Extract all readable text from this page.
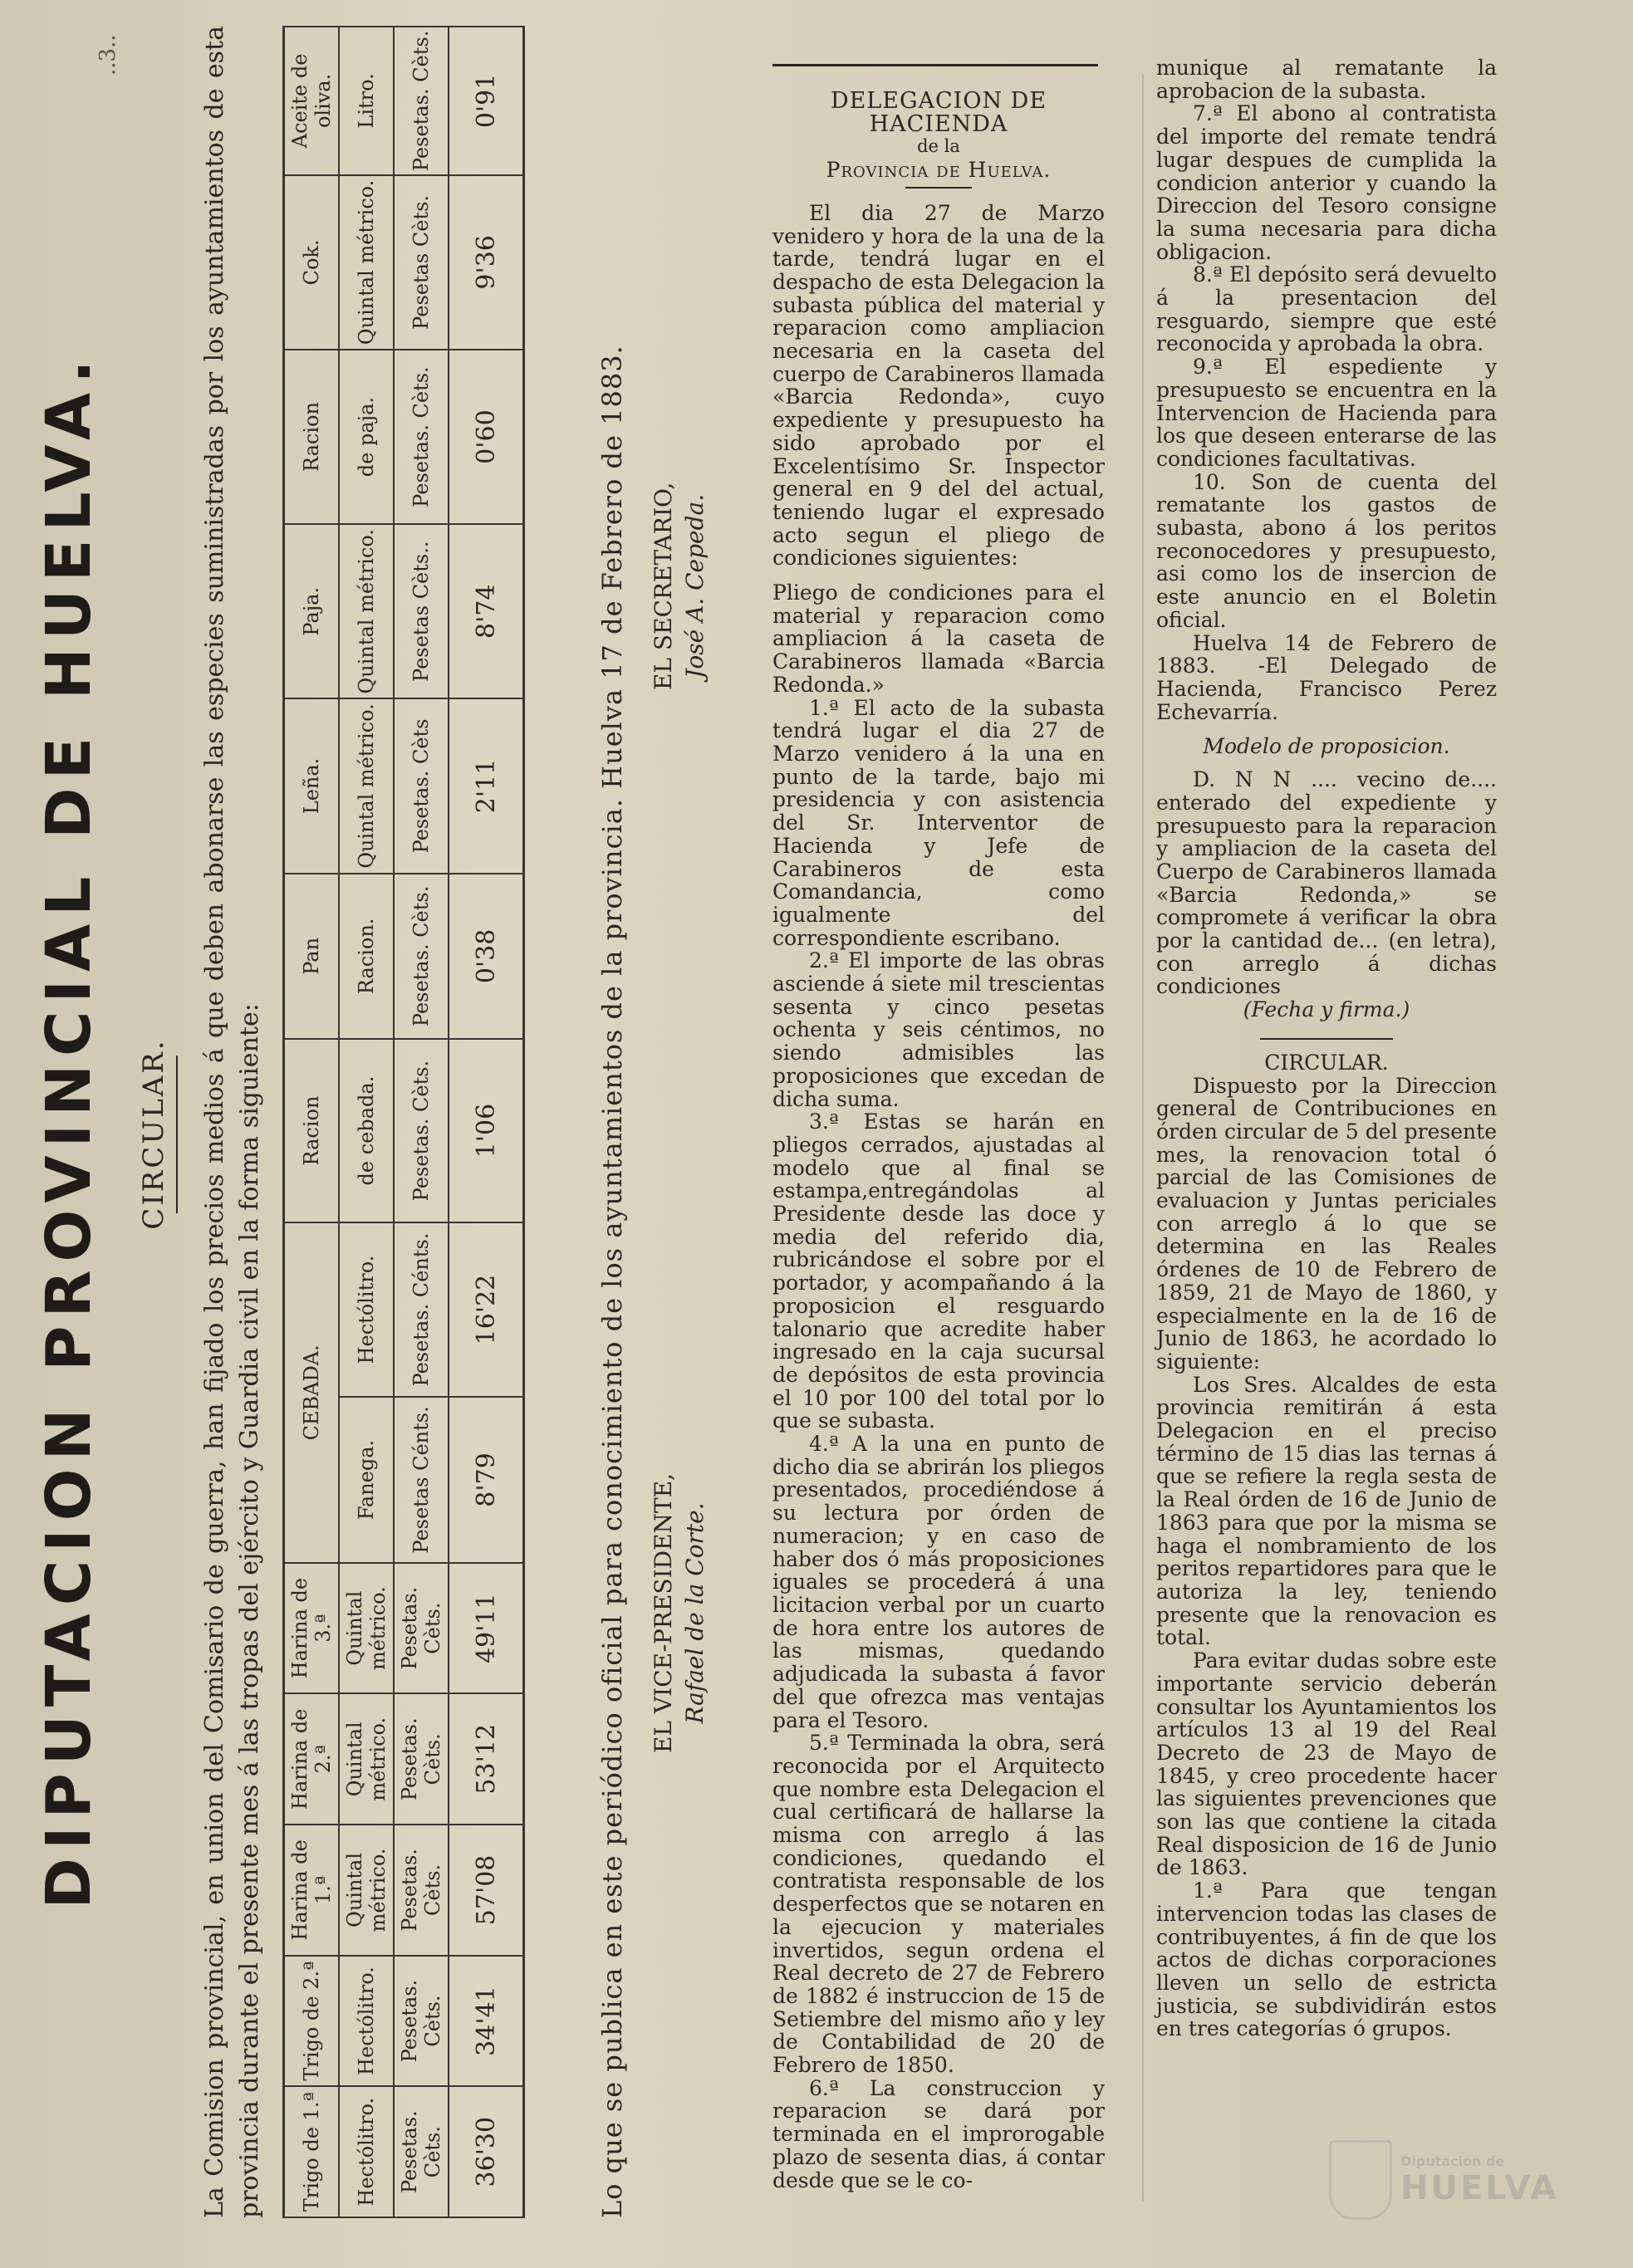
DIPUTACION PROVINCIAL DE HUELVA. CIRCULAR. La Comision provincial, en union del Comisario de guerra, han fijado los precios medios á que deben abonarse las especies suministradas por los ayuntamientos de esta provincia durante el presente mes á las tropas del ejército y Guardia civil en la forma siguiente:
..3..
Trigo de 1.ª	Trigo de 2.ª	Harina de 1.ª	Harina de 2.ª	Harina de 3.ª	CEBADA.		Racion	Pan	Leña.	Paja.	Racion	Cok.	Aceite de oliva.
Hectólitro.	Hectólitro.	Quintal métrico.	Quintal métrico.	Quintal métrico.	Fanega.	Hectólitro.	de cebada.	Racion.	Quintal métrico.	Quintal métrico.	de paja.	Quintal métrico.	Litro.
Pesetas. Cèts.	Pesetas. Cèts.	Pesetas. Cèts.	Pesetas. Cèts.	Pesetas. Cèts.	Pesetas Cénts.	Pesetas. Cénts.	Pesetas. Cèts.	Pesetas. Cèts.	Pesetas. Cèts	Pesetas Cèts..	Pesetas. Cèts.	Pesetas Cèts.	Pesetas. Cèts.
36'30	34'41	57'08	53'12	49'11	8'79	16'22	1'06	0'38	2'11	8'74	0'60	9'36	0'91
Lo que se publica en este periódico oficial para conocimiento de los ayuntamientos de la provincia. Huelva 17 de Febrero de 1883. EL VICE-PRESIDENTE, Rafael de la Corte.
EL SECRETARIO, José A. Cepeda.
DELEGACION DE HACIENDA
de la
Provincia de Huelva.

El dia 27 de Marzo venidero y hora de la una de la tarde, tendrá lugar en el despacho de esta Delegacion la subasta pública del material y reparacion como ampliacion necesaria en la caseta del cuerpo de Carabineros llamada «Barcia Redonda», cuyo expediente y presupuesto ha sido aprobado por el Excelentísimo Sr. Inspector general en 9 del del actual, teniendo lugar el expresado acto segun el pliego de condiciones siguientes:

Pliego de condiciones para el material y reparacion como ampliacion á la caseta de Carabineros llamada «Barcia Redonda.»

1.ª El acto de la subasta tendrá lugar el dia 27 de Marzo venidero á la una en punto de la tarde, bajo mi presidencia y con asistencia del Sr. Interventor de Hacienda y Jefe de Carabineros de esta Comandancia, como igualmente del correspondiente escribano.

2.ª El importe de las obras asciende á siete mil trescientas sesenta y cinco pesetas ochenta y seis céntimos, no siendo admisibles las proposiciones que excedan de dicha suma.

3.ª Estas se harán en pliegos cerrados, ajustadas al modelo que al final se estampa,entregándolas al Presidente desde las doce y media del referido dia, rubricándose el sobre por el portador, y acompañando á la proposicion el resguardo talonario que acredite haber ingresado en la caja sucursal de depósitos de esta provincia el 10 por 100 del total por lo que se subasta.

4.ª A la una en punto de dicho dia se abrirán los pliegos presentados, procediéndose á su lectura por órden de numeracion; y en caso de haber dos ó más proposiciones iguales se procederá á una licitacion verbal por un cuarto de hora entre los autores de las mismas, quedando adjudicada la subasta á favor del que ofrezca mas ventajas para el Tesoro.

5.ª Terminada la obra, será reconocida por el Arquitecto que nombre esta Delegacion el cual certificará de hallarse la misma con arreglo á las condiciones, quedando el contratista responsable de los desperfectos que se notaren en la ejecucion y materiales invertidos, segun ordena el Real decreto de 27 de Febrero de 1882 é instruccion de 15 de Setiembre del mismo año y ley de Contabilidad de 20 de Febrero de 1850.

6.ª La construccion y reparacion se dará por terminada en el improrogable plazo de sesenta dias, á contar desde que se le co-

munique al rematante la aprobacion de la subasta.

7.ª El abono al contratista del importe del remate tendrá lugar despues de cumplida la condicion anterior y cuando la Direccion del Tesoro consigne la suma necesaria para dicha obligacion.

8.ª El depósito será devuelto á la presentacion del resguardo, siempre que esté reconocida y aprobada la obra.

9.ª El espediente y presupuesto se encuentra en la Intervencion de Hacienda para los que deseen enterarse de las condiciones facultativas.

10. Son de cuenta del rematante los gastos de subasta, abono á los peritos reconocedores y presupuesto, asi como los de insercion de este anuncio en el Boletin oficial.

Huelva 14 de Febrero de 1883. -El Delegado de Hacienda, Francisco Perez Echevarría.

Modelo de proposicion.

D. N N .... vecino de.... enterado del expediente y presupuesto para la reparacion y ampliacion de la caseta del Cuerpo de Carabineros llamada «Barcia Redonda,» se compromete á verificar la obra por la cantidad de... (en letra), con arreglo á dichas condiciones

(Fecha y firma.)
CIRCULAR.

Dispuesto por la Direccion general de Contribuciones en órden circular de 5 del presente mes, la renovacion total ó parcial de las Comisiones de evaluacion y Juntas periciales con arreglo á lo que se determina en las Reales órdenes de 10 de Febrero de 1859, 21 de Mayo de 1860, y especialmente en la de 16 de Junio de 1863, he acordado lo siguiente:

Los Sres. Alcaldes de esta provincia remitirán á esta Delegacion en el preciso término de 15 dias las ternas á que se refiere la regla sesta de la Real órden de 16 de Junio de 1863 para que por la misma se haga el nombramiento de los peritos repartidores para que le autoriza la ley, teniendo presente que la renovacion es total.

Para evitar dudas sobre este importante servicio deberán consultar los Ayuntamientos los artículos 13 al 19 del Real Decreto de 23 de Mayo de 1845, y creo procedente hacer las siguientes prevenciones que son las que contiene la citada Real disposicion de 16 de Junio de 1863.

1.ª Para que tengan intervencion todas las clases de contribuyentes, á fin de que los actos de dichas corporaciones lleven un sello de estricta justicia, se subdividirán estos en tres categorías ó grupos.

Diputación de
HUELVA
